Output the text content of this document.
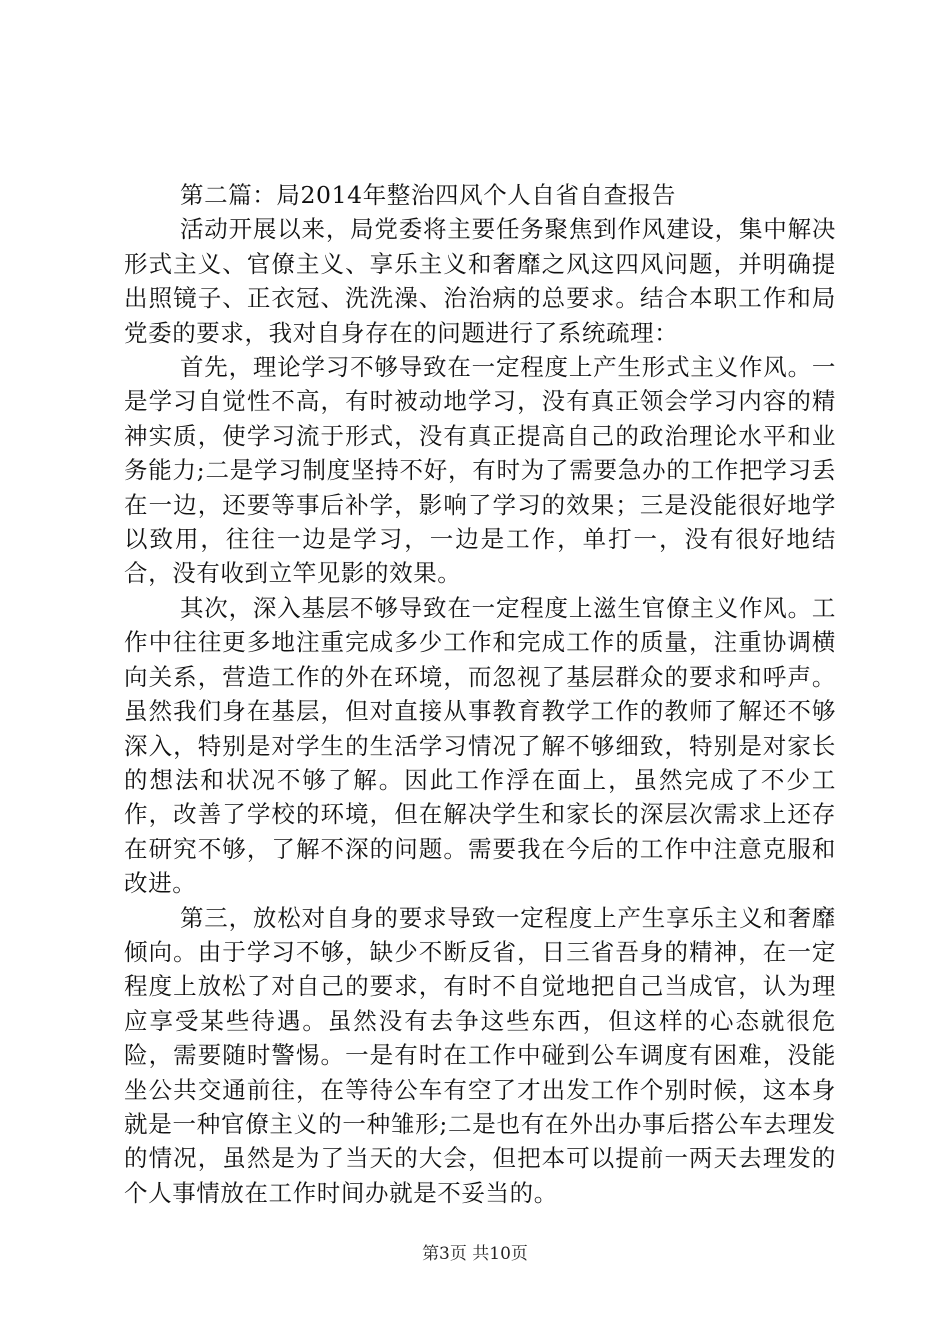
第二篇：局2014年整治四风个人自省自查报告

活动开展以来，局党委将主要任务聚焦到作风建设，集中解决形式主义、官僚主义、享乐主义和奢靡之风这四风问题，并明确提出照镜子、正衣冠、洗洗澡、治治病的总要求。结合本职工作和局党委的要求，我对自身存在的问题进行了系统疏理：

首先，理论学习不够导致在一定程度上产生形式主义作风。一是学习自觉性不高，有时被动地学习，没有真正领会学习内容的精神实质，使学习流于形式，没有真正提高自己的政治理论水平和业务能力;二是学习制度坚持不好，有时为了需要急办的工作把学习丢在一边，还要等事后补学，影响了学习的效果；三是没能很好地学以致用，往往一边是学习，一边是工作，单打一，没有很好地结合，没有收到立竿见影的效果。

其次，深入基层不够导致在一定程度上滋生官僚主义作风。工作中往往更多地注重完成多少工作和完成工作的质量，注重协调横向关系，营造工作的外在环境，而忽视了基层群众的要求和呼声。虽然我们身在基层，但对直接从事教育教学工作的教师了解还不够深入，特别是对学生的生活学习情况了解不够细致，特别是对家长的想法和状况不够了解。因此工作浮在面上，虽然完成了不少工作，改善了学校的环境，但在解决学生和家长的深层次需求上还存在研究不够，了解不深的问题。需要我在今后的工作中注意克服和改进。

第三，放松对自身的要求导致一定程度上产生享乐主义和奢靡倾向。由于学习不够，缺少不断反省，日三省吾身的精神，在一定程度上放松了对自己的要求，有时不自觉地把自己当成官，认为理应享受某些待遇。虽然没有去争这些东西，但这样的心态就很危险，需要随时警惕。一是有时在工作中碰到公车调度有困难，没能坐公共交通前往，在等待公车有空了才出发工作个别时候，这本身就是一种官僚主义的一种雏形;二是也有在外出办事后搭公车去理发的情况，虽然是为了当天的大会，但把本可以提前一两天去理发的个人事情放在工作时间办就是不妥当的。

第3页 共10页
